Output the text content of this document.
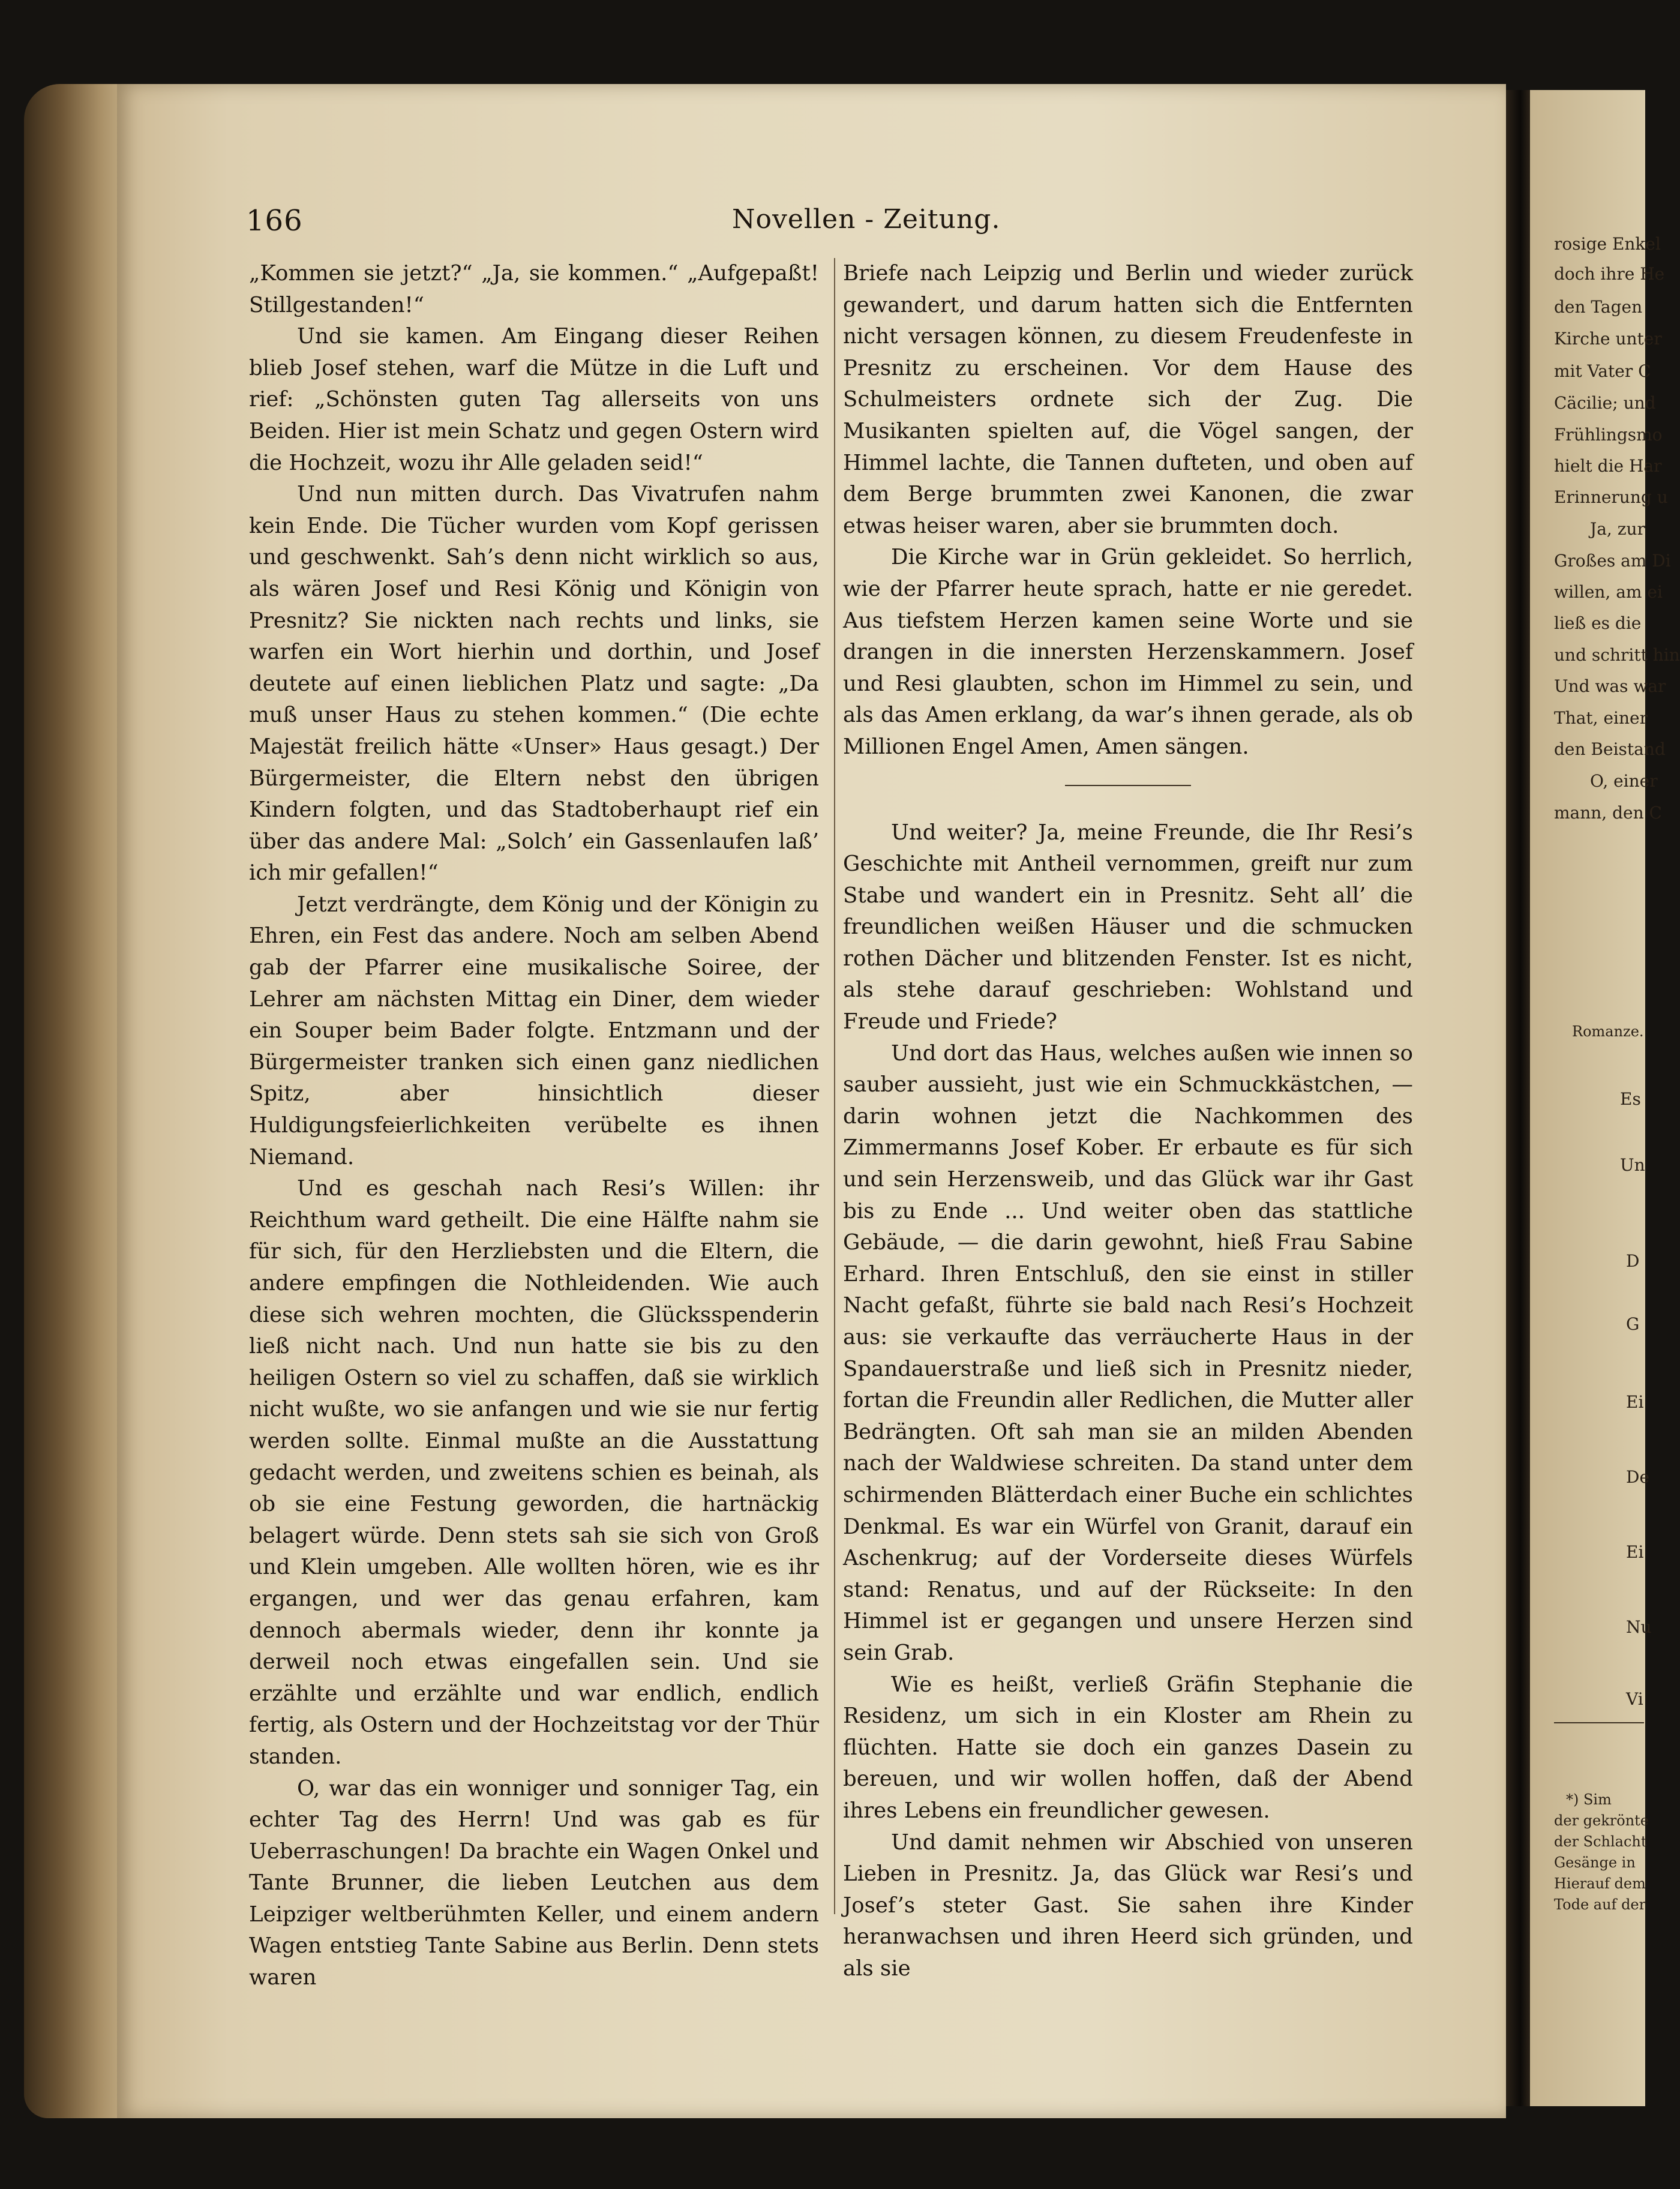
166	Novellen - Zeitung.

„Kommen sie jetzt?“ „Ja, sie kommen.“ „Aufgepaßt! Stillgestanden!“

Und sie kamen. Am Eingang dieser Reihen blieb Josef stehen, warf die Mütze in die Luft und rief: „Schönsten guten Tag allerseits von uns Beiden. Hier ist mein Schatz und gegen Ostern wird die Hochzeit, wozu ihr Alle geladen seid!“

Und nun mitten durch. Das Vivatrufen nahm kein Ende. Die Tücher wurden vom Kopf gerissen und geschwenkt. Sah’s denn nicht wirklich so aus, als wären Josef und Resi König und Königin von Presnitz? Sie nickten nach rechts und links, sie warfen ein Wort hierhin und dorthin, und Josef deutete auf einen lieblichen Platz und sagte: „Da muß unser Haus zu stehen kommen.“ (Die echte Majestät freilich hätte «Unser» Haus gesagt.) Der Bürgermeister, die Eltern nebst den übrigen Kindern folgten, und das Stadtoberhaupt rief ein über das andere Mal: „Solch’ ein Gassenlaufen laß’ ich mir gefallen!“

Jetzt verdrängte, dem König und der Königin zu Ehren, ein Fest das andere. Noch am selben Abend gab der Pfarrer eine musikalische Soiree, der Lehrer am nächsten Mittag ein Diner, dem wieder ein Souper beim Bader folgte. Entzmann und der Bürgermeister tranken sich einen ganz niedlichen Spitz, aber hinsichtlich dieser Huldigungsfeierlichkeiten verübelte es ihnen Niemand.

Und es geschah nach Resi’s Willen: ihr Reichthum ward getheilt. Die eine Hälfte nahm sie für sich, für den Herzliebsten und die Eltern, die andere empfingen die Nothleidenden. Wie auch diese sich wehren mochten, die Glücksspenderin ließ nicht nach. Und nun hatte sie bis zu den heiligen Ostern so viel zu schaffen, daß sie wirklich nicht wußte, wo sie anfangen und wie sie nur fertig werden sollte. Einmal mußte an die Ausstattung gedacht werden, und zweitens schien es beinah, als ob sie eine Festung geworden, die hartnäckig belagert würde. Denn stets sah sie sich von Groß und Klein umgeben. Alle wollten hören, wie es ihr ergangen, und wer das genau erfahren, kam dennoch abermals wieder, denn ihr konnte ja derweil noch etwas eingefallen sein. Und sie erzählte und erzählte und war endlich, endlich fertig, als Ostern und der Hochzeitstag vor der Thür standen.

O, war das ein wonniger und sonniger Tag, ein echter Tag des Herrn! Und was gab es für Ueberraschungen! Da brachte ein Wagen Onkel und Tante Brunner, die lieben Leutchen aus dem Leipziger weltberühmten Keller, und einem andern Wagen entstieg Tante Sabine aus Berlin. Denn stets waren

Briefe nach Leipzig und Berlin und wieder zurück gewandert, und darum hatten sich die Entfernten nicht versagen können, zu diesem Freudenfeste in Presnitz zu erscheinen. Vor dem Hause des Schulmeisters ordnete sich der Zug. Die Musikanten spielten auf, die Vögel sangen, der Himmel lachte, die Tannen dufteten, und oben auf dem Berge brummten zwei Kanonen, die zwar etwas heiser waren, aber sie brummten doch.

Die Kirche war in Grün gekleidet. So herrlich, wie der Pfarrer heute sprach, hatte er nie geredet. Aus tiefstem Herzen kamen seine Worte und sie drangen in die innersten Herzenskammern. Josef und Resi glaubten, schon im Himmel zu sein, und als das Amen erklang, da war’s ihnen gerade, als ob Millionen Engel Amen, Amen sängen.

Und weiter? Ja, meine Freunde, die Ihr Resi’s Geschichte mit Antheil vernommen, greift nur zum Stabe und wandert ein in Presnitz. Seht all’ die freundlichen weißen Häuser und die schmucken rothen Dächer und blitzenden Fenster. Ist es nicht, als stehe darauf geschrieben: Wohlstand und Freude und Friede?

Und dort das Haus, welches außen wie innen so sauber aussieht, just wie ein Schmuckkästchen, — darin wohnen jetzt die Nachkommen des Zimmermanns Josef Kober. Er erbaute es für sich und sein Herzensweib, und das Glück war ihr Gast bis zu Ende ... Und weiter oben das stattliche Gebäude, — die darin gewohnt, hieß Frau Sabine Erhard. Ihren Entschluß, den sie einst in stiller Nacht gefaßt, führte sie bald nach Resi’s Hochzeit aus: sie verkaufte das verräucherte Haus in der Spandauerstraße und ließ sich in Presnitz nieder, fortan die Freundin aller Redlichen, die Mutter aller Bedrängten. Oft sah man sie an milden Abenden nach der Waldwiese schreiten. Da stand unter dem schirmenden Blätterdach einer Buche ein schlichtes Denkmal. Es war ein Würfel von Granit, darauf ein Aschenkrug; auf der Vorderseite dieses Würfels stand: Renatus, und auf der Rückseite: In den Himmel ist er gegangen und unsere Herzen sind sein Grab.

Wie es heißt, verließ Gräfin Stephanie die Residenz, um sich in ein Kloster am Rhein zu flüchten. Hatte sie doch ein ganzes Dasein zu bereuen, und wir wollen hoffen, daß der Abend ihres Lebens ein freundlicher gewesen.

Und damit nehmen wir Abschied von unseren Lieben in Presnitz. Ja, das Glück war Resi’s und Josef’s steter Gast. Sie sahen ihre Kinder heranwachsen und ihren Heerd sich gründen, und als sie

rosige Enkel
doch ihre He
den Tagen
Kirche unter
mit Vater C
Cäcilie; und
Frühlingsmo
hielt die Har
Erinnerung u
Ja, zur
Großes am Di
willen, am ei
ließ es die
und schritt hin
Und was war
That, einer
den Beistand
O, einer
mann, den C
Romanze.
Es
Un
D
G
Ei
De
Ei
Nu
Vi
*) Sim
der gekrönte
der Schlacht
Gesänge in
Hierauf dem
Tode auf der
